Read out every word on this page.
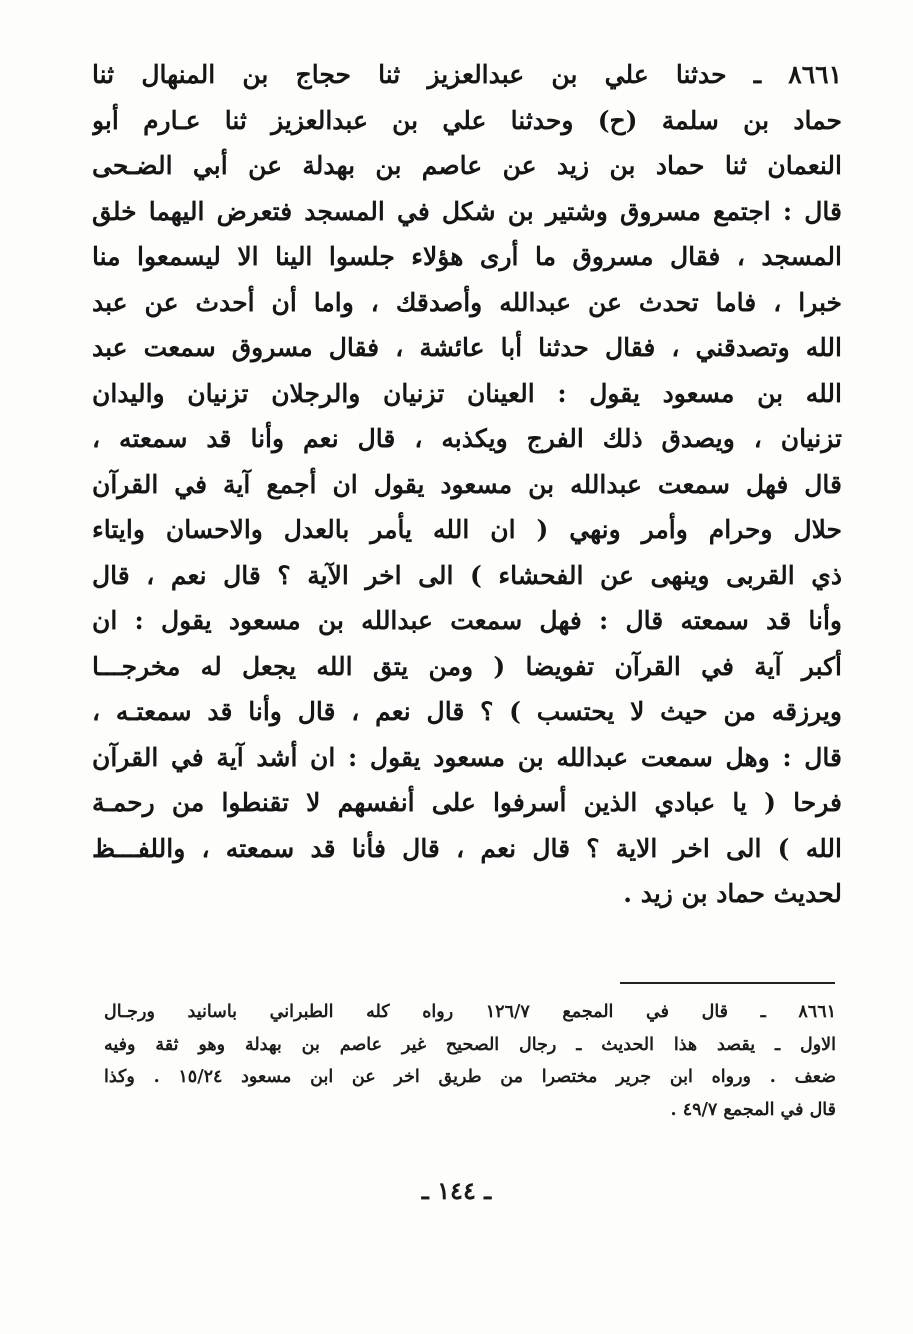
٨٦٦١ ـ حدثنا علي بن عبدالعزيز ثنا حجاج بن المنهال ثنا
حماد بن سلمة (ح) وحدثنا علي بن عبدالعزيز ثنا عـارم أبو
النعمان ثنا حماد بن زيد عن عاصم بن بهدلة عن أبي الضـحى
قال : اجتمع مسروق وشتير بن شكل في المسجد فتعرض اليهما خلق
المسجد ، فقال مسروق ما أرى هؤلاء جلسوا الينا الا ليسمعوا منا
خبرا ، فاما تحدث عن عبدالله وأصدقك ، واما أن أحدث عن عبد
الله وتصدقني ، فقال حدثنا أبا عائشة ، فقال مسروق سمعت عبد
الله بن مسعود يقول : العينان تزنيان والرجلان تزنيان واليدان
تزنيان ، ويصدق ذلك الفرج ويكذبه ، قال نعم وأنا قد سمعته ،
قال فهل سمعت عبدالله بن مسعود يقول ان أجمع آية في القرآن
حلال وحرام وأمر ونهي ( ان الله يأمر بالعدل والاحسان وايتاء
ذي القربى وينهى عن الفحشاء ) الى اخر الآية ؟ قال نعم ، قال
وأنا قد سمعته قال : فهل سمعت عبدالله بن مسعود يقول : ان
أكبر آية في القرآن تفويضا ( ومن يتق الله يجعل له مخرجـــا
ويرزقه من حيث لا يحتسب ) ؟ قال نعم ، قال وأنا قد سمعتـه ،
قال : وهل سمعت عبدالله بن مسعود يقول : ان أشد آية في القرآن
فرحا ( يا عبادي الذين أسرفوا على أنفسهم لا تقنطوا من رحمـة
الله ) الى اخر الاية ؟ قال نعم ، قال فأنا قد سمعته ، واللفـــظ
لحديث حماد بن زيد .
٨٦٦١ ـ قال في المجمع ١٢٦/٧ رواه كله الطبراني باسانيد ورجـال
الاول ـ يقصد هذا الحديث ـ رجال الصحيح غير عاصم بن بهدلة وهو ثقة وفيه
ضعف . ورواه ابن جرير مختصرا من طريق اخر عن ابن مسعود ١٥/٢٤ . وكذا
قال في المجمع ٤٩/٧ .
ـ ١٤٤ ـ
